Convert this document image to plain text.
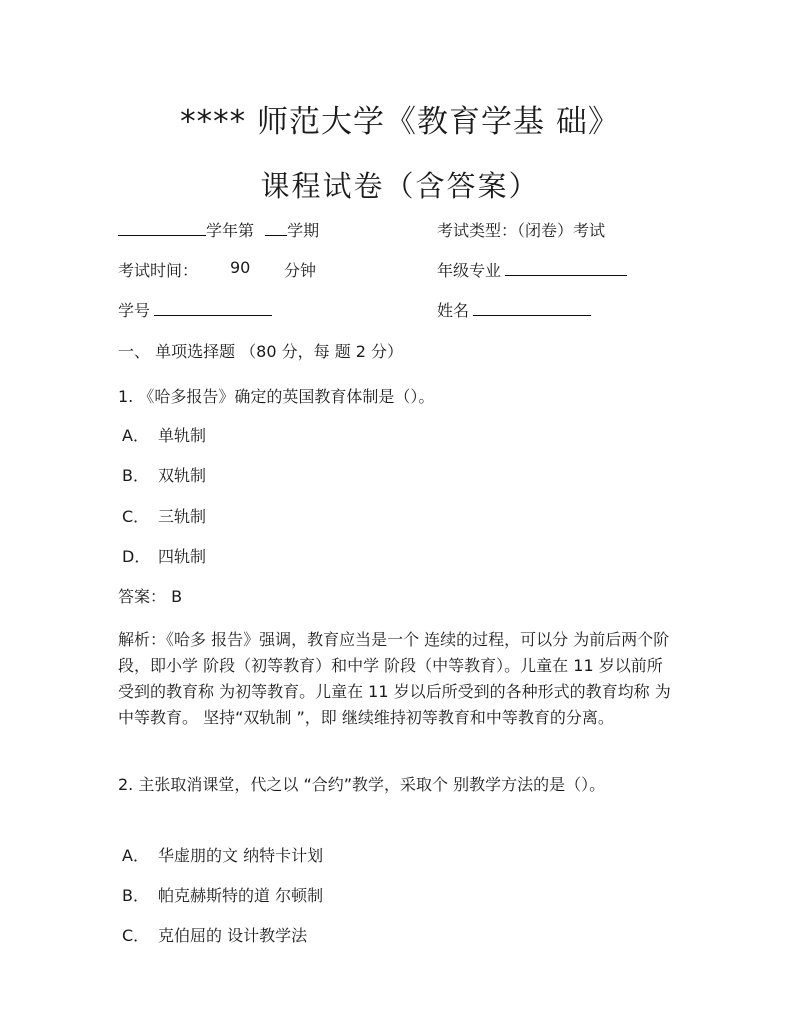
**** 师范大学《教育学基 础》
课程试卷（含答案）
学年第 学期	考试类型：（闭卷）考试
考试时间： 90 分钟	年级专业
学号	姓名
一、 单项选择题 （80 分，每 题 2 分）
1. 《哈多报告》确定的英国教育体制是（）。
A． 单轨制
B． 双轨制
C． 三轨制
D． 四轨制
答案： B
解析：《哈多 报告》强调，教育应当是一个 连续的过程，可以分 为前后两个阶段，即小学 阶段（初等教育）和中学 阶段（中等教育）。儿童在 11 岁以前所受到的教育称 为初等教育。儿童在 11 岁以后所受到的各种形式的教育均称 为中等教育。 坚持“双轨制 ”，即 继续维持初等教育和中等教育的分离。
2. 主张取消课堂，代之以 “合约”教学，采取个 别教学方法的是（）。
A． 华虚朋的文 纳特卡计划
B． 帕克赫斯特的道 尔顿制
C． 克伯屈的 设计教学法
